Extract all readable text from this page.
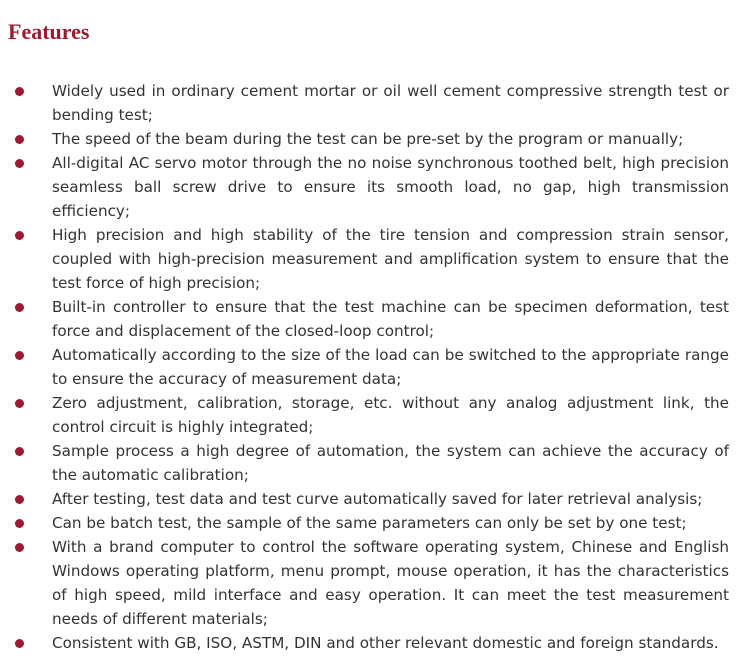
Features
Widely used in ordinary cement mortar or oil well cement compressive strength test or bending test;
The speed of the beam during the test can be pre-set by the program or manually;
All-digital AC servo motor through the no noise synchronous toothed belt, high precision seamless ball screw drive to ensure its smooth load, no gap, high transmission efficiency;
High precision and high stability of the tire tension and compression strain sensor, coupled with high-precision measurement and amplification system to ensure that the test force of high precision;
Built-in controller to ensure that the test machine can be specimen deformation, test force and displacement of the closed-loop control;
Automatically according to the size of the load can be switched to the appropriate range to ensure the accuracy of measurement data;
Zero adjustment, calibration, storage, etc. without any analog adjustment link, the control circuit is highly integrated;
Sample process a high degree of automation, the system can achieve the accuracy of the automatic calibration;
After testing, test data and test curve automatically saved for later retrieval analysis;
Can be batch test, the sample of the same parameters can only be set by one test;
With a brand computer to control the software operating system, Chinese and English Windows operating platform, menu prompt, mouse operation, it has the characteristics of high speed, mild interface and easy operation. It can meet the test measurement needs of different materials;
Consistent with GB, ISO, ASTM, DIN and other relevant domestic and foreign standards.
